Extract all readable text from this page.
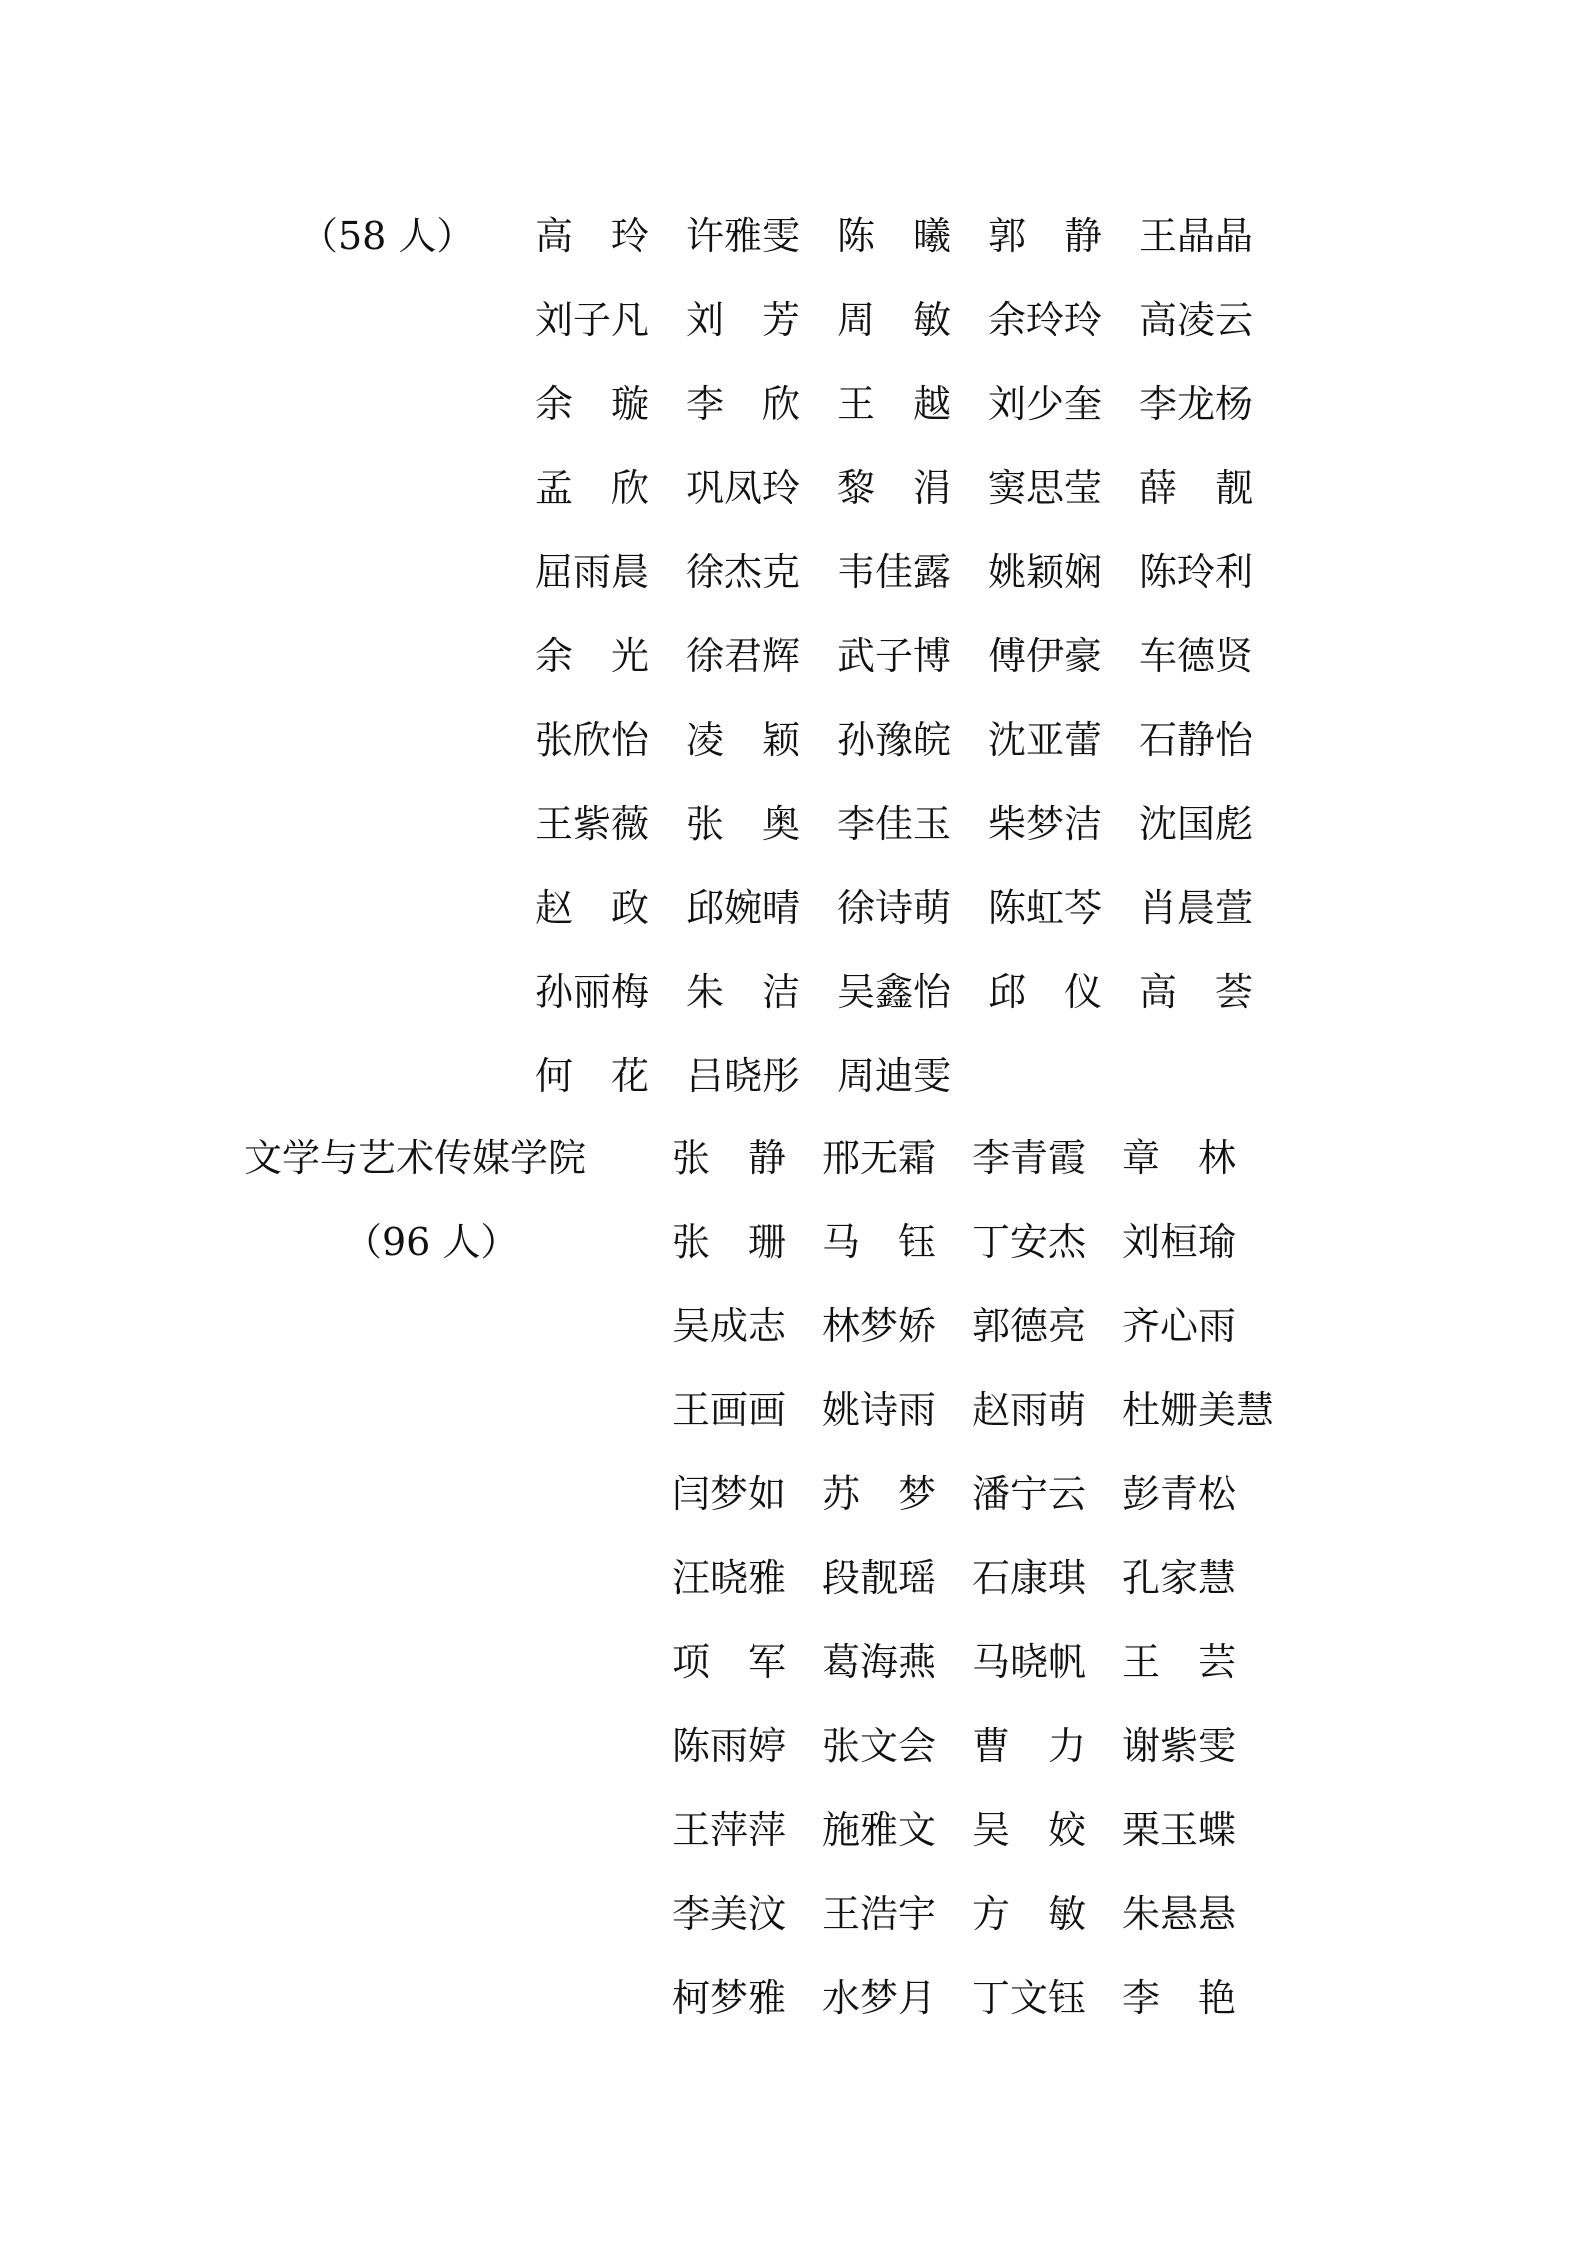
（58 人） 高　玲 许雅雯 陈　曦 郭　静 王晶晶
刘子凡 刘　芳 周　敏 余玲玲 高凌云
余　璇 李　欣 王　越 刘少奎 李龙杨
孟　欣 巩凤玲 黎　涓 窦思莹 薛　靓
屈雨晨 徐杰克 韦佳露 姚颖娴 陈玲利
余　光 徐君辉 武子博 傅伊豪 车德贤
张欣怡 凌　颖 孙豫皖 沈亚蕾 石静怡
王紫薇 张　奥 李佳玉 柴梦洁 沈国彪
赵　政 邱婉晴 徐诗萌 陈虹芩 肖晨萱
孙丽梅 朱　洁 吴鑫怡 邱　仪 高　荟
何　花 吕晓彤 周迪雯
文学与艺术传媒学院
（96 人）
张　静 邢无霜 李青霞 章　林
张　珊 马　钰 丁安杰 刘桓瑜
吴成志 林梦娇 郭德亮 齐心雨
王画画 姚诗雨 赵雨萌 杜姗美慧
闫梦如 苏　梦 潘宁云 彭青松
汪晓雅 段靓瑶 石康琪 孔家慧
项　军 葛海燕 马晓帆 王　芸
陈雨婷 张文会 曹　力 谢紫雯
王萍萍 施雅文 吴　姣 栗玉蝶
李美汶 王浩宇 方　敏 朱悬悬
柯梦雅 水梦月 丁文钰 李　艳
